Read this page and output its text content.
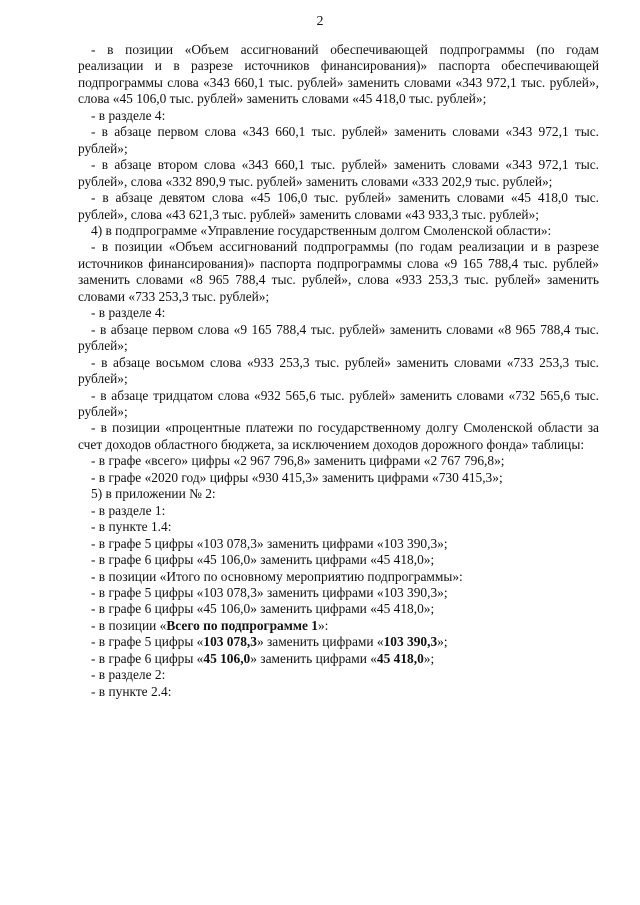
2

- в позиции «Объем ассигнований обеспечивающей подпрограммы (по годам реализации и в разрезе источников финансирования)» паспорта обеспечивающей подпрограммы слова «343 660,1 тыс. рублей» заменить словами «343 972,1 тыс. рублей», слова «45 106,0 тыс. рублей» заменить словами «45 418,0 тыс. рублей»;

- в разделе 4:

- в абзаце первом слова «343 660,1 тыс. рублей» заменить словами «343 972,1 тыс. рублей»;

- в абзаце втором слова «343 660,1 тыс. рублей» заменить словами «343 972,1 тыс. рублей», слова «332 890,9 тыс. рублей» заменить словами «333 202,9 тыс. рублей»;

- в абзаце девятом слова «45 106,0 тыс. рублей» заменить словами «45 418,0 тыс. рублей», слова «43 621,3 тыс. рублей» заменить словами «43 933,3 тыс. рублей»;

4) в подпрограмме «Управление государственным долгом Смоленской области»:

- в позиции «Объем ассигнований подпрограммы (по годам реализации и в разрезе источников финансирования)» паспорта подпрограммы слова «9 165 788,4 тыс. рублей» заменить словами «8 965 788,4 тыс. рублей», слова «933 253,3 тыс. рублей» заменить словами «733 253,3 тыс. рублей»;

- в разделе 4:

- в абзаце первом слова «9 165 788,4 тыс. рублей» заменить словами «8 965 788,4 тыс. рублей»;

- в абзаце восьмом слова «933 253,3 тыс. рублей» заменить словами «733 253,3 тыс. рублей»;

- в абзаце тридцатом слова «932 565,6 тыс. рублей» заменить словами «732 565,6 тыс. рублей»;

- в позиции «процентные платежи по государственному долгу Смоленской области за счет доходов областного бюджета, за исключением доходов дорожного фонда» таблицы:

- в графе «всего» цифры «2 967 796,8» заменить цифрами «2 767 796,8»;

- в графе «2020 год» цифры «930 415,3» заменить цифрами «730 415,3»;

5) в приложении № 2:

- в разделе 1:

- в пункте 1.4:

- в графе 5 цифры «103 078,3» заменить цифрами «103 390,3»;

- в графе 6 цифры «45 106,0» заменить цифрами «45 418,0»;

- в позиции «Итого по основному мероприятию подпрограммы»:

- в графе 5 цифры «103 078,3» заменить цифрами «103 390,3»;

- в графе 6 цифры «45 106,0» заменить цифрами «45 418,0»;

- в позиции «Всего по подпрограмме 1»:

- в графе 5 цифры «103 078,3» заменить цифрами «103 390,3»;

- в графе 6 цифры «45 106,0» заменить цифрами «45 418,0»;

- в разделе 2:

- в пункте 2.4:
